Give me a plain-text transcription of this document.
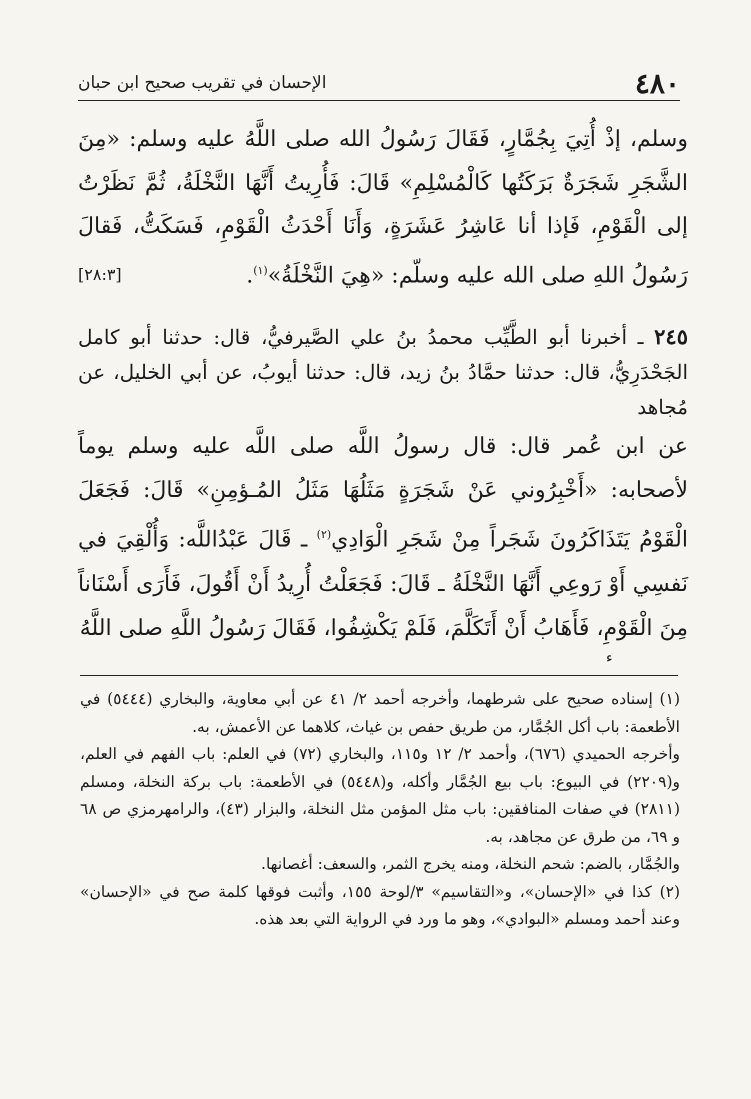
٤٨٠
الإحسان في تقريب صحيح ابن حبان

وسلم، إذْ أُتِيَ بِجُمَّارٍ، فَقَالَ رَسُولُ الله صلى اللَّهُ عليه وسلم: «مِنَ الشَّجَرِ شَجَرَةٌ بَرَكَتُها كَالْمُسْلِمِ» قَالَ: فَأُرِيتُ أَنَّهَا النَّخْلَةُ، ثُمَّ نَظَرْتُ إلى الْقَوْمِ، فَإذا أنا عَاشِرُ عَشَرَةٍ، وَأَنَا أَحْدَثُ الْقَوْمِ، فَسَكَتُّ، فَقالَ رَسُولُ اللهِ صلى الله عليه وسلّم: «هِيَ النَّخْلَةُ»$^{(١)}$.
[٢٨:٣]

٢٤٥ ـ أخبرنا أبو الطَّيِّب محمدُ بنُ علي الصَّيرفيُّ، قال: حدثنا أبو كامل الجَحْدَرِيُّ، قال: حدثنا حمَّادُ بنُ زيد، قال: حدثنا أيوبُ، عن أبي الخليل، عن مُجاهد

عن ابن عُمر قال: قال رسولُ اللَّه صلى اللَّه عليه وسلم يوماً لأصحابه: «أَخْبِرُوني عَنْ شَجَرَةٍ مَثَلُهَا مَثَلُ المُـؤمِنِ» قَالَ: فَجَعَلَ الْقَوْمُ يَتَذَاكَرُونَ شَجَراً مِنْ شَجَرِ الْوَادِي$^{(٢)}$ ـ قَالَ عَبْدُاللَّه: وَأُلْقِيَ في نَفسِي أَوْ رَوعِي أَنَّهَا النَّخْلَةُ ـ قَالَ: فَجَعَلْتُ أُرِيدُ أَنْ أَقُولَ، فَأَرَى أَسْنَاناً مِنَ الْقَوْمِ، فَأَهَابُ أَنْ أَتَكَلَّمَ، فَلَمْ يَكْشِفُوا، فَقَالَ رَسُولُ اللَّهِ صلى اللَّهُ

ء

(١) إسناده صحيح على شرطهما، وأخرجه أحمد ٢/ ٤١ عن أبي معاوية، والبخاري (٥٤٤٤) في الأطعمة: باب أكل الجُمَّار، من طريق حفص بن غياث، كلاهما عن الأعمش، به.

وأخرجه الحميدي (٦٧٦)، وأحمد ٢/ ١٢ و١١٥، والبخاري (٧٢) في العلم: باب الفهم في العلم، و(٢٢٠٩) في البيوع: باب بيع الجُمَّار وأكله، و(٥٤٤٨) في الأطعمة: باب بركة النخلة، ومسلم (٢٨١١) في صفات المنافقين: باب مثل المؤمن مثل النخلة، والبزار (٤٣)، والرامهرمزي ص ٦٨ و ٦٩، من طرق عن مجاهد، به.

والجُمَّار، بالضم: شحم النخلة، ومنه يخرج الثمر، والسعف: أغصانها.

(٢) كذا في «الإحسان»، و«التقاسيم» ٣/لوحة ١٥٥، وأثبت فوقها كلمة صح في «الإحسان» وعند أحمد ومسلم «البوادي»، وهو ما ورد في الرواية التي بعد هذه.
